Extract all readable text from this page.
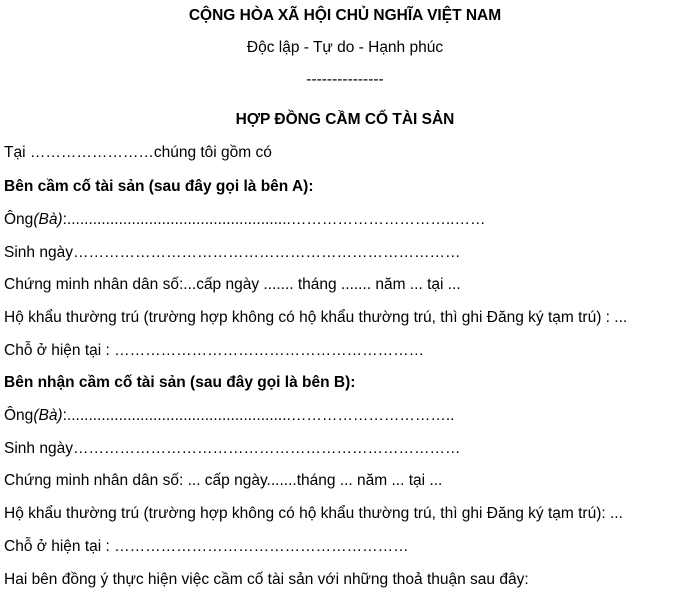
CỘNG HÒA XÃ HỘI CHỦ NGHĨA VIỆT NAM
Độc lập - Tự do - Hạnh phúc
---------------
HỢP ĐỒNG CẦM CỐ TÀI SẢN
Tại ……………………chúng tôi gồm có
Bên cầm cố tài sản (sau đây gọi là bên A):
Ông(Bà):....................................................…………………………..……
Sinh ngày…………………………………………………………………
Chứng minh nhân dân số:...cấp ngày ....... tháng ....... năm ... tại ...
Hộ khẩu thường trú (trường hợp không có hộ khẩu thường trú, thì ghi Đăng ký tạm trú) : ...
Chỗ ở hiện tại : ……………………………………………………
Bên nhận cầm cố tài sản (sau đây gọi là bên B):
Ông(Bà):....................................................…………………………..
Sinh ngày…………………………………………………………………
Chứng minh nhân dân số: ... cấp ngày.......tháng ... năm ... tại ...
Hộ khẩu thường trú (trường hợp không có hộ khẩu thường trú, thì ghi Đăng ký tạm trú): ...
Chỗ ở hiện tại : …………………………………………………
Hai bên đồng ý thực hiện việc cầm cố tài sản với những thoả thuận sau đây:
